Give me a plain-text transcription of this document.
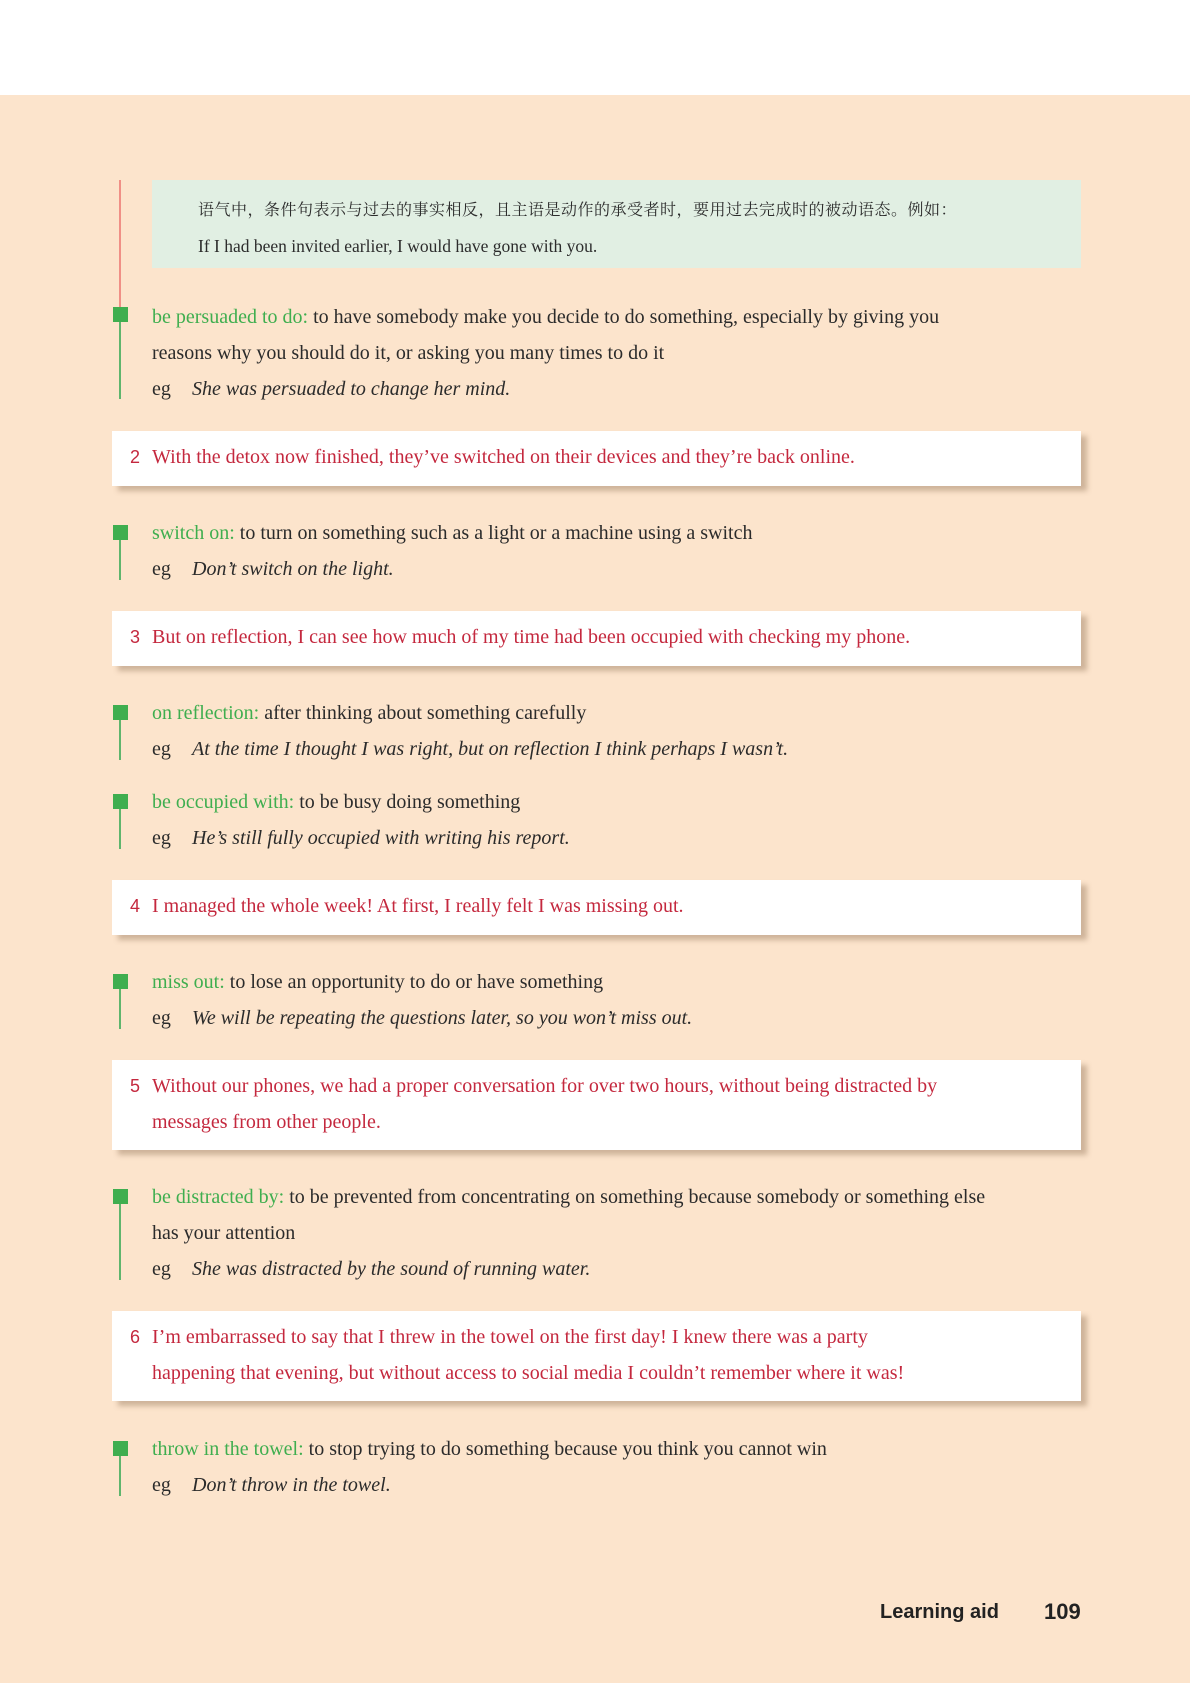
语气中，条件句表示与过去的事实相反，且主语是动作的承受者时，要用过去完成时的被动语态。例如：
If I had been invited earlier, I would have gone with you.
be persuaded to do: to have somebody make you decide to do something, especially by giving you
reasons why you should do it, or asking you many times to do it
eg She was persuaded to change her mind.
2 With the detox now finished, they’ve switched on their devices and they’re back online.
switch on: to turn on something such as a light or a machine using a switch
eg Don’t switch on the light.
3 But on reflection, I can see how much of my time had been occupied with checking my phone.
on reflection: after thinking about something carefully
eg At the time I thought I was right, but on reflection I think perhaps I wasn’t.
be occupied with: to be busy doing something
eg He’s still fully occupied with writing his report.
4 I managed the whole week! At first, I really felt I was missing out.
miss out: to lose an opportunity to do or have something
eg We will be repeating the questions later, so you won’t miss out.
5 Without our phones, we had a proper conversation for over two hours, without being distracted by
messages from other people.
be distracted by: to be prevented from concentrating on something because somebody or something else
has your attention
eg She was distracted by the sound of running water.
6 I’m embarrassed to say that I threw in the towel on the first day! I knew there was a party
happening that evening, but without access to social media I couldn’t remember where it was!
throw in the towel: to stop trying to do something because you think you cannot win
eg Don’t throw in the towel.
Learning aid 109
